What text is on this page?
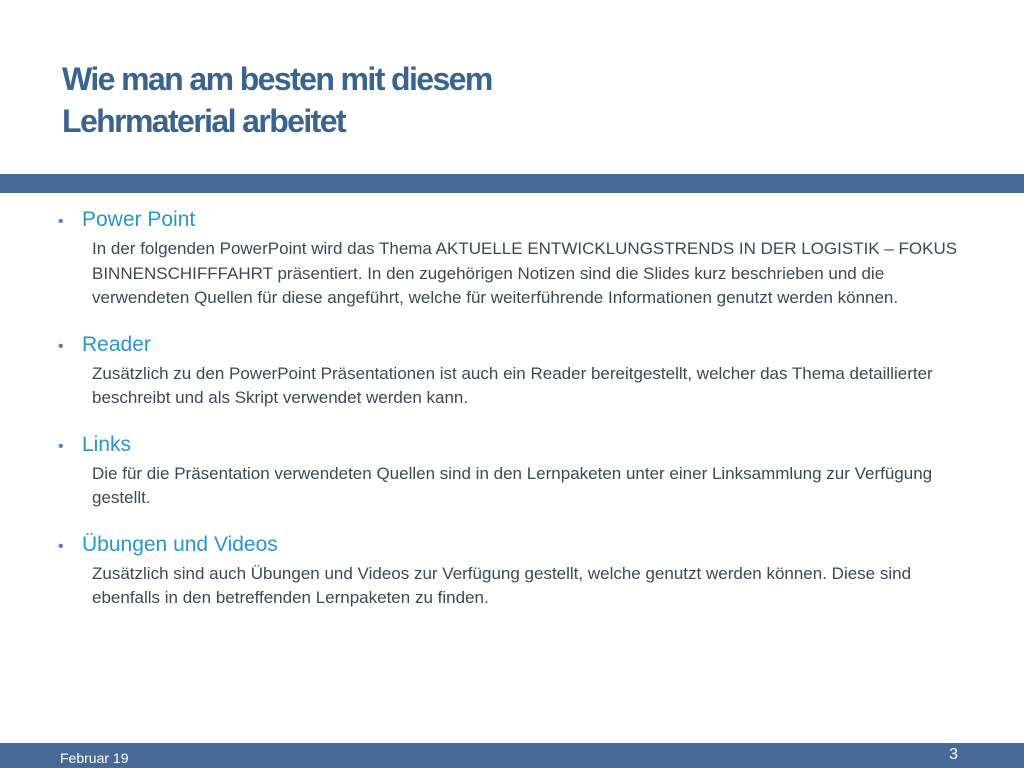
Wie man am besten mit diesem
Lehrmaterial arbeitet
• Power Point
In der folgenden PowerPoint wird das Thema AKTUELLE ENTWICKLUNGSTRENDS IN DER LOGISTIK – FOKUS BINNENSCHIFFFAHRT präsentiert. In den zugehörigen Notizen sind die Slides kurz beschrieben und die verwendeten Quellen für diese angeführt, welche für weiterführende Informationen genutzt werden können.
• Reader
Zusätzlich zu den PowerPoint Präsentationen ist auch ein Reader bereitgestellt, welcher das Thema detaillierter beschreibt und als Skript verwendet werden kann.
• Links
Die für die Präsentation verwendeten Quellen sind in den Lernpaketen unter einer Linksammlung zur Verfügung gestellt.
• Übungen und Videos
Zusätzlich sind auch Übungen und Videos zur Verfügung gestellt, welche genutzt werden können. Diese sind ebenfalls in den betreffenden Lernpaketen zu finden.
Februar 19	3
